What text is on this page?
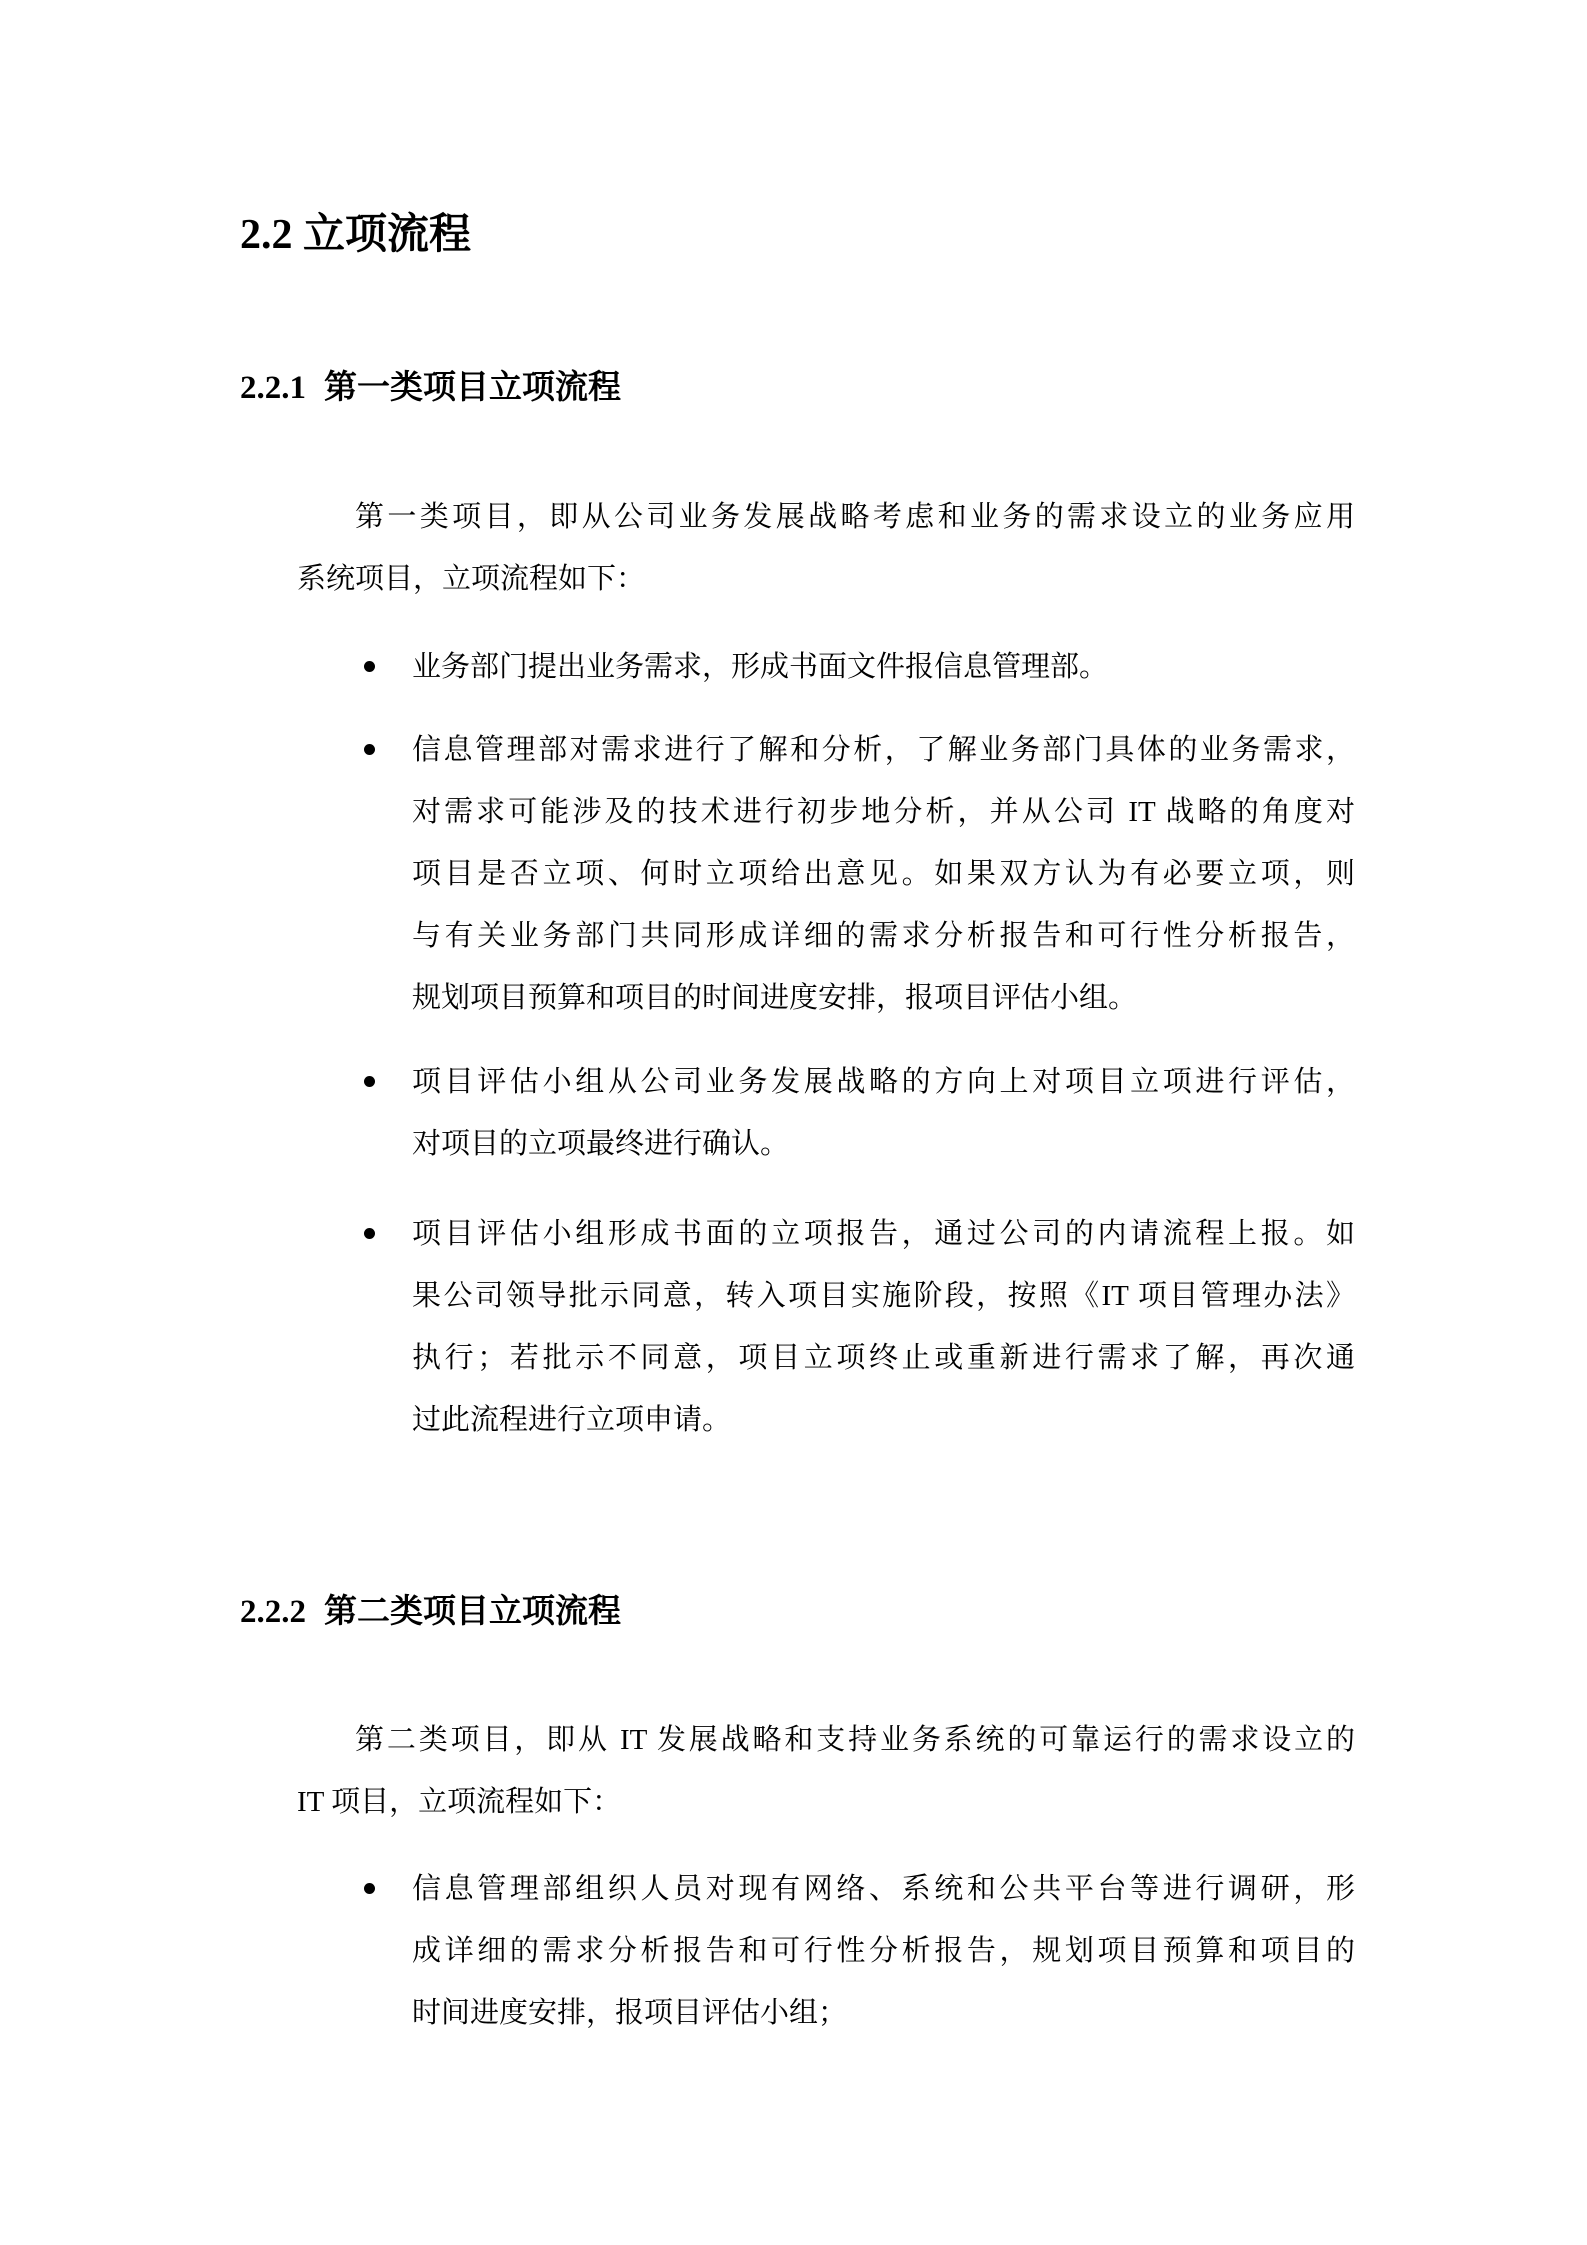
2.2 立项流程
2.2.1 第一类项目立项流程
第一类项目，即从公司业务发展战略考虑和业务的需求设立的业务应用
系统项目，立项流程如下：
业务部门提出业务需求，形成书面文件报信息管理部。
信息管理部对需求进行了解和分析，了解业务部门具体的业务需求，
对需求可能涉及的技术进行初步地分析，并从公司 IT 战略的角度对
项目是否立项、何时立项给出意见。如果双方认为有必要立项，则
与有关业务部门共同形成详细的需求分析报告和可行性分析报告，
规划项目预算和项目的时间进度安排，报项目评估小组。
项目评估小组从公司业务发展战略的方向上对项目立项进行评估，
对项目的立项最终进行确认。
项目评估小组形成书面的立项报告，通过公司的内请流程上报。如
果公司领导批示同意，转入项目实施阶段，按照《IT 项目管理办法》
执行；若批示不同意，项目立项终止或重新进行需求了解，再次通
过此流程进行立项申请。
2.2.2 第二类项目立项流程
第二类项目，即从 IT 发展战略和支持业务系统的可靠运行的需求设立的
IT 项目，立项流程如下：
信息管理部组织人员对现有网络、系统和公共平台等进行调研，形
成详细的需求分析报告和可行性分析报告，规划项目预算和项目的
时间进度安排，报项目评估小组；
